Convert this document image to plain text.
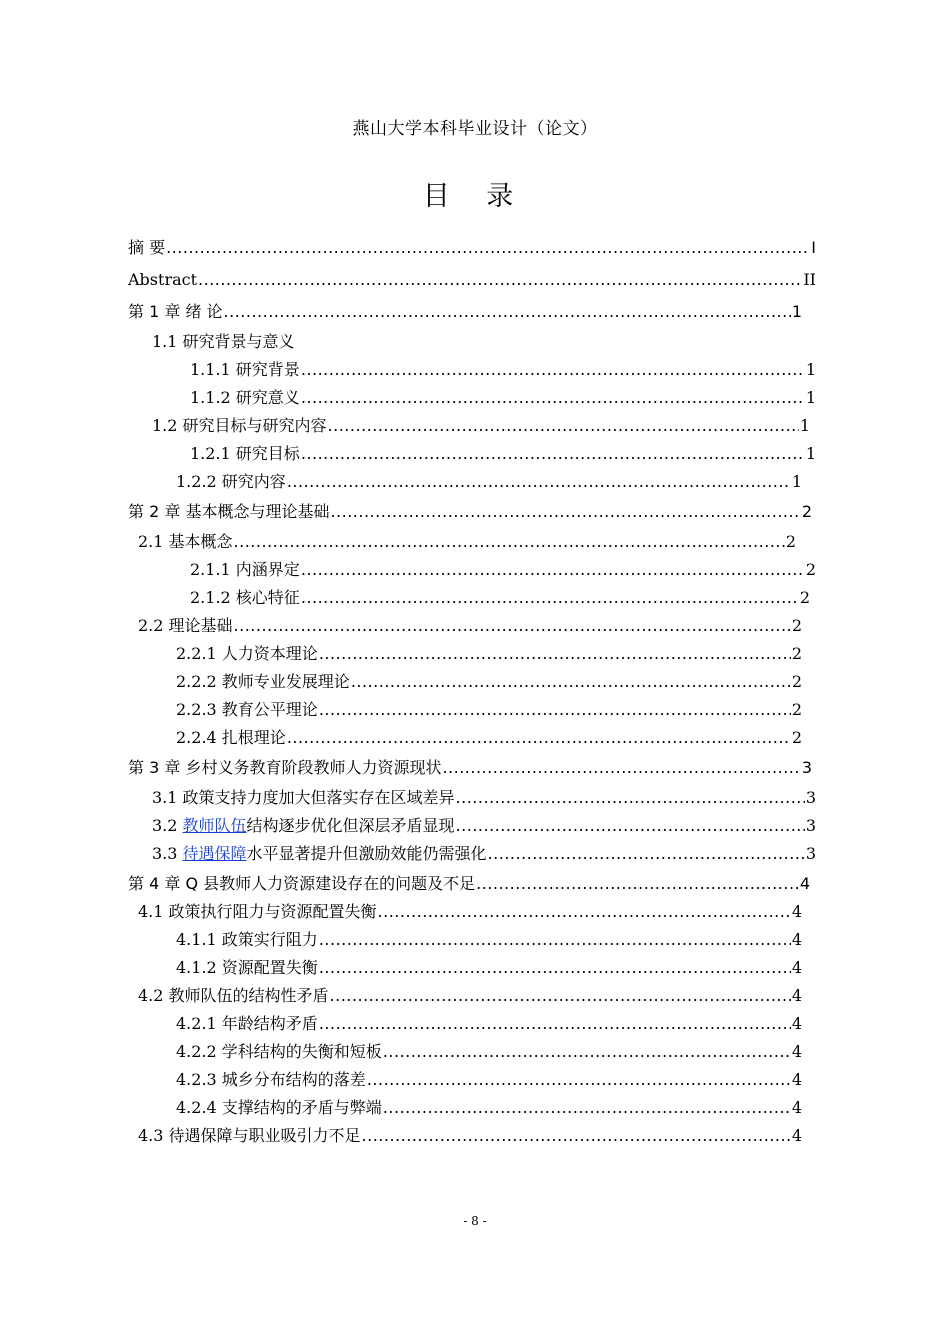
燕山大学本科毕业设计（论文）
目 录
摘 要 .....	I
Abstract .....	II
第 1 章 绪 论 .....	1
1.1 研究背景与意义
1.1.1 研究背景 .....	1
1.1.2 研究意义 .....	1
1.2 研究目标与研究内容 .....	1
1.2.1 研究目标 .....	1
1.2.2 研究内容 .....	1
第 2 章 基本概念与理论基础 .....	2
2.1 基本概念 .....	2
2.1.1 内涵界定 .....	2
2.1.2 核心特征 .....	2
2.2 理论基础 .....	2
2.2.1 人力资本理论 .....	2
2.2.2 教师专业发展理论 .....	2
2.2.3 教育公平理论 .....	2
2.2.4 扎根理论 .....	2
第 3 章 乡村义务教育阶段教师人力资源现状 .....	3
3.1 政策支持力度加大但落实存在区域差异 .....	3
3.2 教师队伍结构逐步优化但深层矛盾显现 .....	3
3.3 待遇保障水平显著提升但激励效能仍需强化 .....	3
第 4 章 Q 县教师人力资源建设存在的问题及不足 .....	4
4.1 政策执行阻力与资源配置失衡 .....	4
4.1.1 政策实行阻力 .....	4
4.1.2 资源配置失衡 .....	4
4.2 教师队伍的结构性矛盾 .....	4
4.2.1 年龄结构矛盾 .....	4
4.2.2 学科结构的失衡和短板 .....	4
4.2.3 城乡分布结构的落差 .....	4
4.2.4 支撑结构的矛盾与弊端 .....	4
4.3 待遇保障与职业吸引力不足 .....	4
- 8 -
